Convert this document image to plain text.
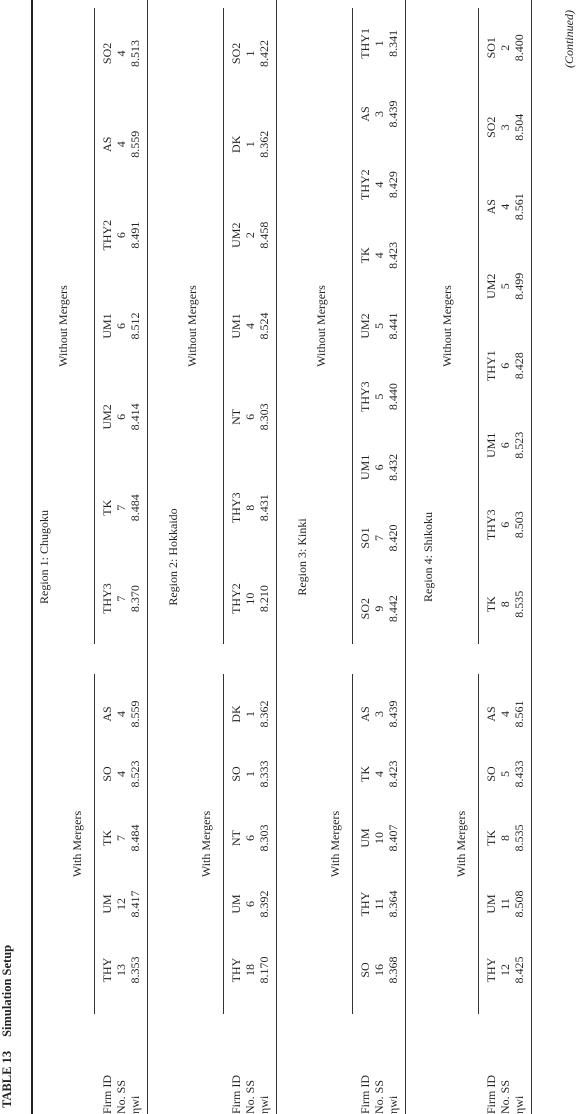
TABLE 13Simulation Setup
Region 1: Chugoku
With Mergers
Without Mergers
Firm ID No. SS ηwi
THY
UM
TK
SO
AS
THY3
TK
UM2
UM1
THY2
AS
SO2
13
12
7
4
4
7
7
6
6
6
4
4
8.353
8.417
8.484
8.523
8.559
8.370
8.484
8.414
8.512
8.491
8.559
8.513
Region 2: Hokkaido
With Mergers
Without Mergers
Firm ID No. SS ηwi
THY
UM
NT
SO
DK
THY2
THY3
NT
UM1
UM2
DK
SO2
18
6
6
1
1
10
8
6
4
2
1
1
8.170
8.392
8.303
8.333
8.362
8.210
8.431
8.303
8.524
8.458
8.362
8.422
Region 3: Kinki
With Mergers
Without Mergers
Firm ID No. SS ηwi
SO
THY
UM
TK
AS
SO2
SO1
UM1
THY3
UM2
TK
THY2
AS
THY1
16
11
10
4
3
9
7
6
5
5
4
4
3
1
8.368
8.364
8.407
8.423
8.439
8.442
8.420
8.432
8.440
8.441
8.423
8.429
8.439
8.341
Region 4: Shikoku
With Mergers
Without Mergers
Firm ID No. SS ηwi
THY
UM
TK
SO
AS
TK
THY3
UM1
THY1
UM2
AS
SO2
SO1
12
11
8
5
4
8
6
6
6
5
4
3
2
8.425
8.508
8.535
8.433
8.561
8.535
8.503
8.523
8.428
8.499
8.561
8.504
8.400	(Continued)
